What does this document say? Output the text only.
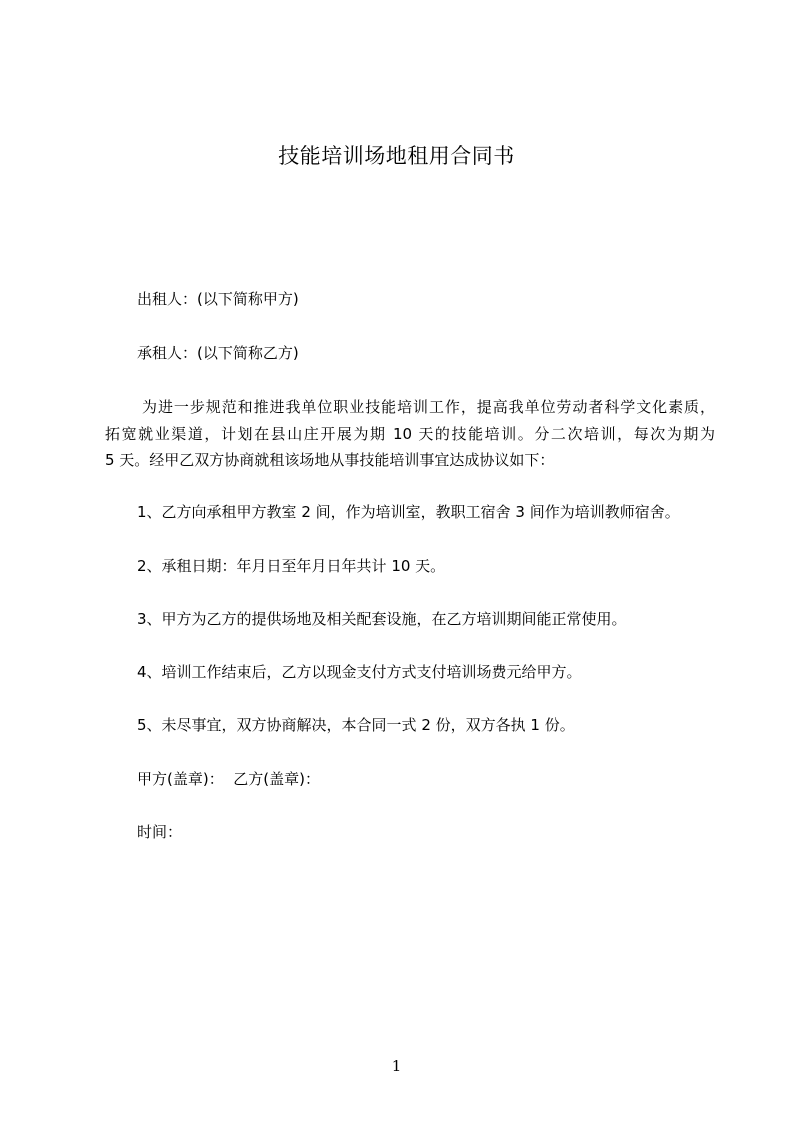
技能培训场地租用合同书
出租人：(以下简称甲方)
承租人：(以下简称乙方)
为进一步规范和推进我单位职业技能培训工作，提高我单位劳动者科学文化素质，
拓宽就业渠道，计划在县山庄开展为期 10 天的技能培训。分二次培训，每次为期为
5 天。经甲乙双方协商就租该场地从事技能培训事宜达成协议如下：
1、乙方向承租甲方教室 2 间，作为培训室，教职工宿舍 3 间作为培训教师宿舍。
2、承租日期：年月日至年月日年共计 10 天。
3、甲方为乙方的提供场地及相关配套设施，在乙方培训期间能正常使用。
4、培训工作结束后，乙方以现金支付方式支付培训场费元给甲方。
5、未尽事宜，双方协商解决，本合同一式 2 份，双方各执 1 份。
甲方(盖章)：  乙方(盖章)：
时间：
1
